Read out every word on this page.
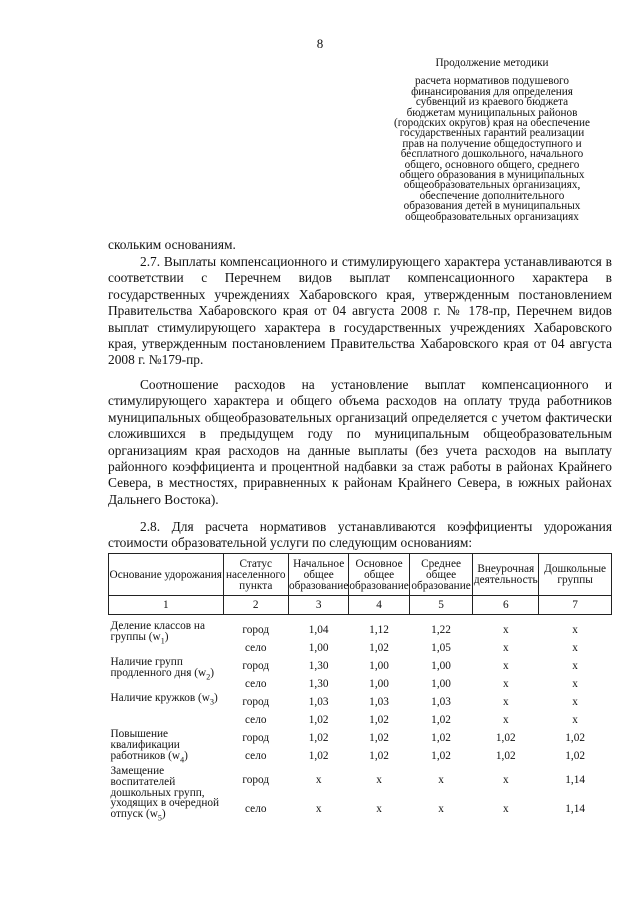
8
Продолжение методики
расчета нормативов подушевого
финансирования для определения
субвенций из краевого бюджета
бюджетам муниципальных районов
(городских округов) края на обеспечение
государственных гарантий реализации
прав на получение общедоступного и
бесплатного дошкольного, начального
общего, основного общего, среднего
общего образования в муниципальных
общеобразовательных организациях,
обеспечение дополнительного
образования детей в муниципальных
общеобразовательных организациях

скольким основаниям.

2.7. Выплаты компенсационного и стимулирующего характера устанавливаются в соответствии с Перечнем видов выплат компенсационного характера в государственных учреждениях Хабаровского края, утвержденным постановлением Правительства Хабаровского края от 04 августа 2008 г. № 178-пр, Перечнем видов выплат стимулирующего характера в государственных учреждениях Хабаровского края, утвержденным постановлением Правительства Хабаровского края от 04 августа 2008 г. №179-пр.

Соотношение расходов на установление выплат компенсационного и стимулирующего характера и общего объема расходов на оплату труда работников муниципальных общеобразовательных организаций определяется с учетом фактически сложившихся в предыдущем году по муниципальным общеобразовательным организациям края расходов на данные выплаты (без учета расходов на выплату районного коэффициента и процентной надбавки за стаж работы в районах Крайнего Севера, в местностях, приравненных к районам Крайнего Севера, в южных районах Дальнего Востока).

2.8. Для расчета нормативов устанавливаются коэффициенты удорожания стоимости образовательной услуги по следующим основаниям:

Основание удорожания	Статус населенного пункта	Начальное общее образование	Основное общее образование	Среднее общее образование	Внеурочная деятельность	Дошкольные группы
1	2	3	4	5	6	7
Деление классов на группы $(w_1)$	город	1,04	1,12	1,22	х	х
	село	1,00	1,02	1,05	х	х
Наличие групп продленного дня $(w_2)$	город	1,30	1,00	1,00	х	х
	село	1,30	1,00	1,00	х	х
Наличие кружков $(w_3)$	город	1,03	1,03	1,03	х	х
	село	1,02	1,02	1,02	х	х
Повышение квалификации работников $(w_4)$	город	1,02	1,02	1,02	1,02	1,02
	село	1,02	1,02	1,02	1,02	1,02
Замещение воспитателей дошкольных групп, уходящих в очередной отпуск $(w_5)$	город	х	х	х	х	1,14
	село	х	х	х	х	1,14
